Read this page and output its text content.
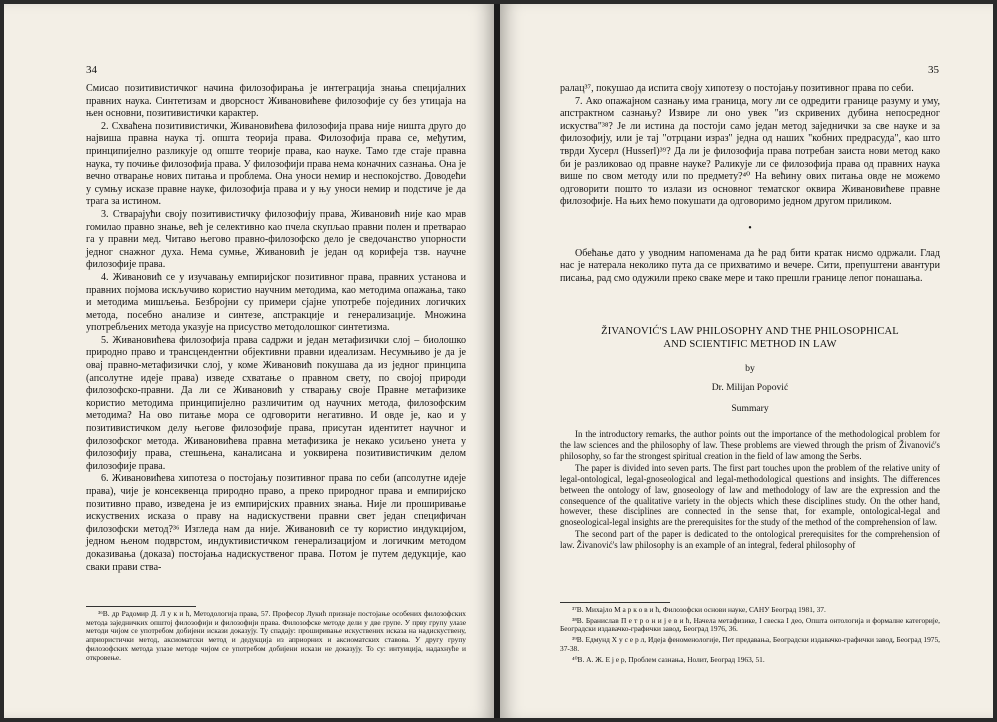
34

Смисао позитивистичког начина филозофирања је интеграција знања специјалних правних наука. Синтетизам и дворсност Живановићеве филозофије су без утицаја на њен основни, позитивистички карактер.

2. Схваћена позитивистички, Живановићева филозофија права није ништа друго до највиша правна наука тј. општа теорија права. Филозофија права се, међутим, принципијелно разликује од опште теорије права, као науке. Тамо где стаје правна наука, ту почиње филозофија права. У филозофији права нема коначних сазнања. Она је вечно отварање нових питања и проблема. Она уноси немир и неспокојство. Доводећи у сумњу исказе правне науке, филозофија права и у њу уноси немир и подстиче је да трага за истином.

3. Стварајући своју позитивистичку филозофију права, Живановић није као мрав гомилао правно знање, већ је селективно као пчела скупљао правни полен и претварао га у правни мед. Читаво његово правно-филозофско дело је сведочанство упорности једног снажног духа. Нема сумње, Живановић је један од корифеја тзв. научне филозофије права.

4. Живановић се у изучавању емпиријског позитивног права, правних установа и правних појмова искључиво користио научним методима, као методима опажања, тако и методима мишљења. Безбројни су примери сјајне употребе појединих логичких метода, посебно анализе и синтезе, апстракције и генерализације. Множина употребљених метода указује на присуство методолошког синтетизма.

5. Живановићева филозофија права садржи и један метафизички слој – биолошко природно право и трансцендентни објективни правни идеализам. Несумњиво је да је овај правно-метафизички слој, у коме Живановић покушава да из једног принципа (апсолутне идеје права) изведе схватање о правном свету, по својој природи филозофско-правни. Да ли се Живановић у стварању своје Правне метафизике користио методима принципијелно различитим од научних метода, филозофским методима? На ово питање мора се одговорити негативно. И овде је, као и у позитивистичком делу његове филозофије права, присутан идентитет научног и филозофског метода. Живановићева правна метафизика је некако усиљено унета у филозофију права, стешњена, каналисана и уоквирена позитивистичким делом филозофије права.

6. Живановићева хипотеза о постојању позитивног права по себи (апсолутне идеје права), чије је консеквенца природно право, а преко природног права и емпиријско позитивно право, изведена је из емпиријских правних знања. Није ли проширивање искуствених исказа о праву на надискуствени правни свет један специфичан филозофски метод?³⁶ Изгледа нам да није. Живановић се ту користио индукцијом, једном њеном подврстом, индуктивистичком генерализацијом и логичким методом доказивања (доказа) постојања надискуственог права. Потом је путем дедукције, као сваки прави ства-

³⁶В. др Радомир Д. Л у к и ћ, Методологија права, 57. Професор Лукић признаје постојање особених филозофских метода заједничких општој филозофији и филозофији права. Филозофске методе дели у две групе. У прву групу улазе методи чијом се употребом добијени искази доказују. Ту спадају: проширивање искуствених исказа на надискуствену, априористички метод, аксиоматски метод и дедукција из априорних и аксиоматских ставова. У другу групу филозофских метода улазе методе чијом се употребом добијени искази не доказују. То су: интуиција, надахнуће и откровење.

35

ралац³⁷, покушао да испита своју хипотезу о постојању позитивног права по себи.

7. Ако опажајном сазнању има граница, могу ли се одредити границе разуму и уму, апстрактном сазнању? Извире ли оно увек "из скривених дубина непосредног искуства"³⁸? Је ли истина да постоји само један метод заједнички за све науке и за филозофију, или је тај "отрцани израз" једна од наших "кобних предрасуда", као што тврди Хусерл (Husserl)³⁹? Да ли је филозофија права потребан заиста нови метод како би је разликовао од правне науке? Раликује ли се филозофија права од правних наука више по свом методу или по предмету?⁴⁰ На већину ових питања овде не можемо одговорити пошто то излази из основног тематског оквира Живановићеве правне филозофије. На њих ћемо покушати да одговоримо једном другом приликом.

•

Обећање дато у уводним напоменама да ће рад бити кратак нисмо одржали. Глад нас је натерала неколико пута да се прихватимо и вечере. Сити, препуштени авантури писања, рад смо одужили преко сваке мере и тако прешли границе лепог понашања.

ŽIVANOVIĆ'S LAW PHILOSOPHY AND THE PHILOSOPHICAL
AND SCIENTIFIC METHOD IN LAW
by
Dr. Milijan Popović
Summary

In the introductory remarks, the author points out the importance of the methodological problem for the law sciences and the philosophy of law. These problems are viewed through the prism of Živanović's philosophy, so far the strongest spiritual creation in the field of law among the Serbs.

The paper is divided into seven parts. The first part touches upon the problem of the relative unity of legal-ontological, legal-gnoseological and legal-methodological questions and insights. The differences between the ontology of law, gnoseology of law and methodology of law are the expression and the consequence of the qualitative variety in the objects which these disciplines study. On the other hand, however, these disciplines are connected in the sense that, for example, ontological-legal and gnoseological-legal insights are the prerequisites for the study of the method of the comprehension of law.

The second part of the paper is dedicated to the ontological prerequisites for the comprehension of law. Živanović's law philosophy is an example of an integral, federal philosophy of

³⁷В. Михајло М а р к о в и ћ, Филозофски основи науке, САНУ Београд 1981, 37.

³⁸В. Бранислав П е т р о н и ј е в и ћ, Начела метафизике, I свеска I део, Општа онтологија и формалне категорије, Београдски издавачко-графички завод, Београд 1976, 36.

³⁹В. Едмунд Х у с е р л, Идеја феноменологије, Пет предавања, Београдски издавачко-графички завод, Београд 1975, 37-38.

⁴⁰В. А. Ж. Е ј е р, Проблем сазнања, Нолит, Београд 1963, 51.
